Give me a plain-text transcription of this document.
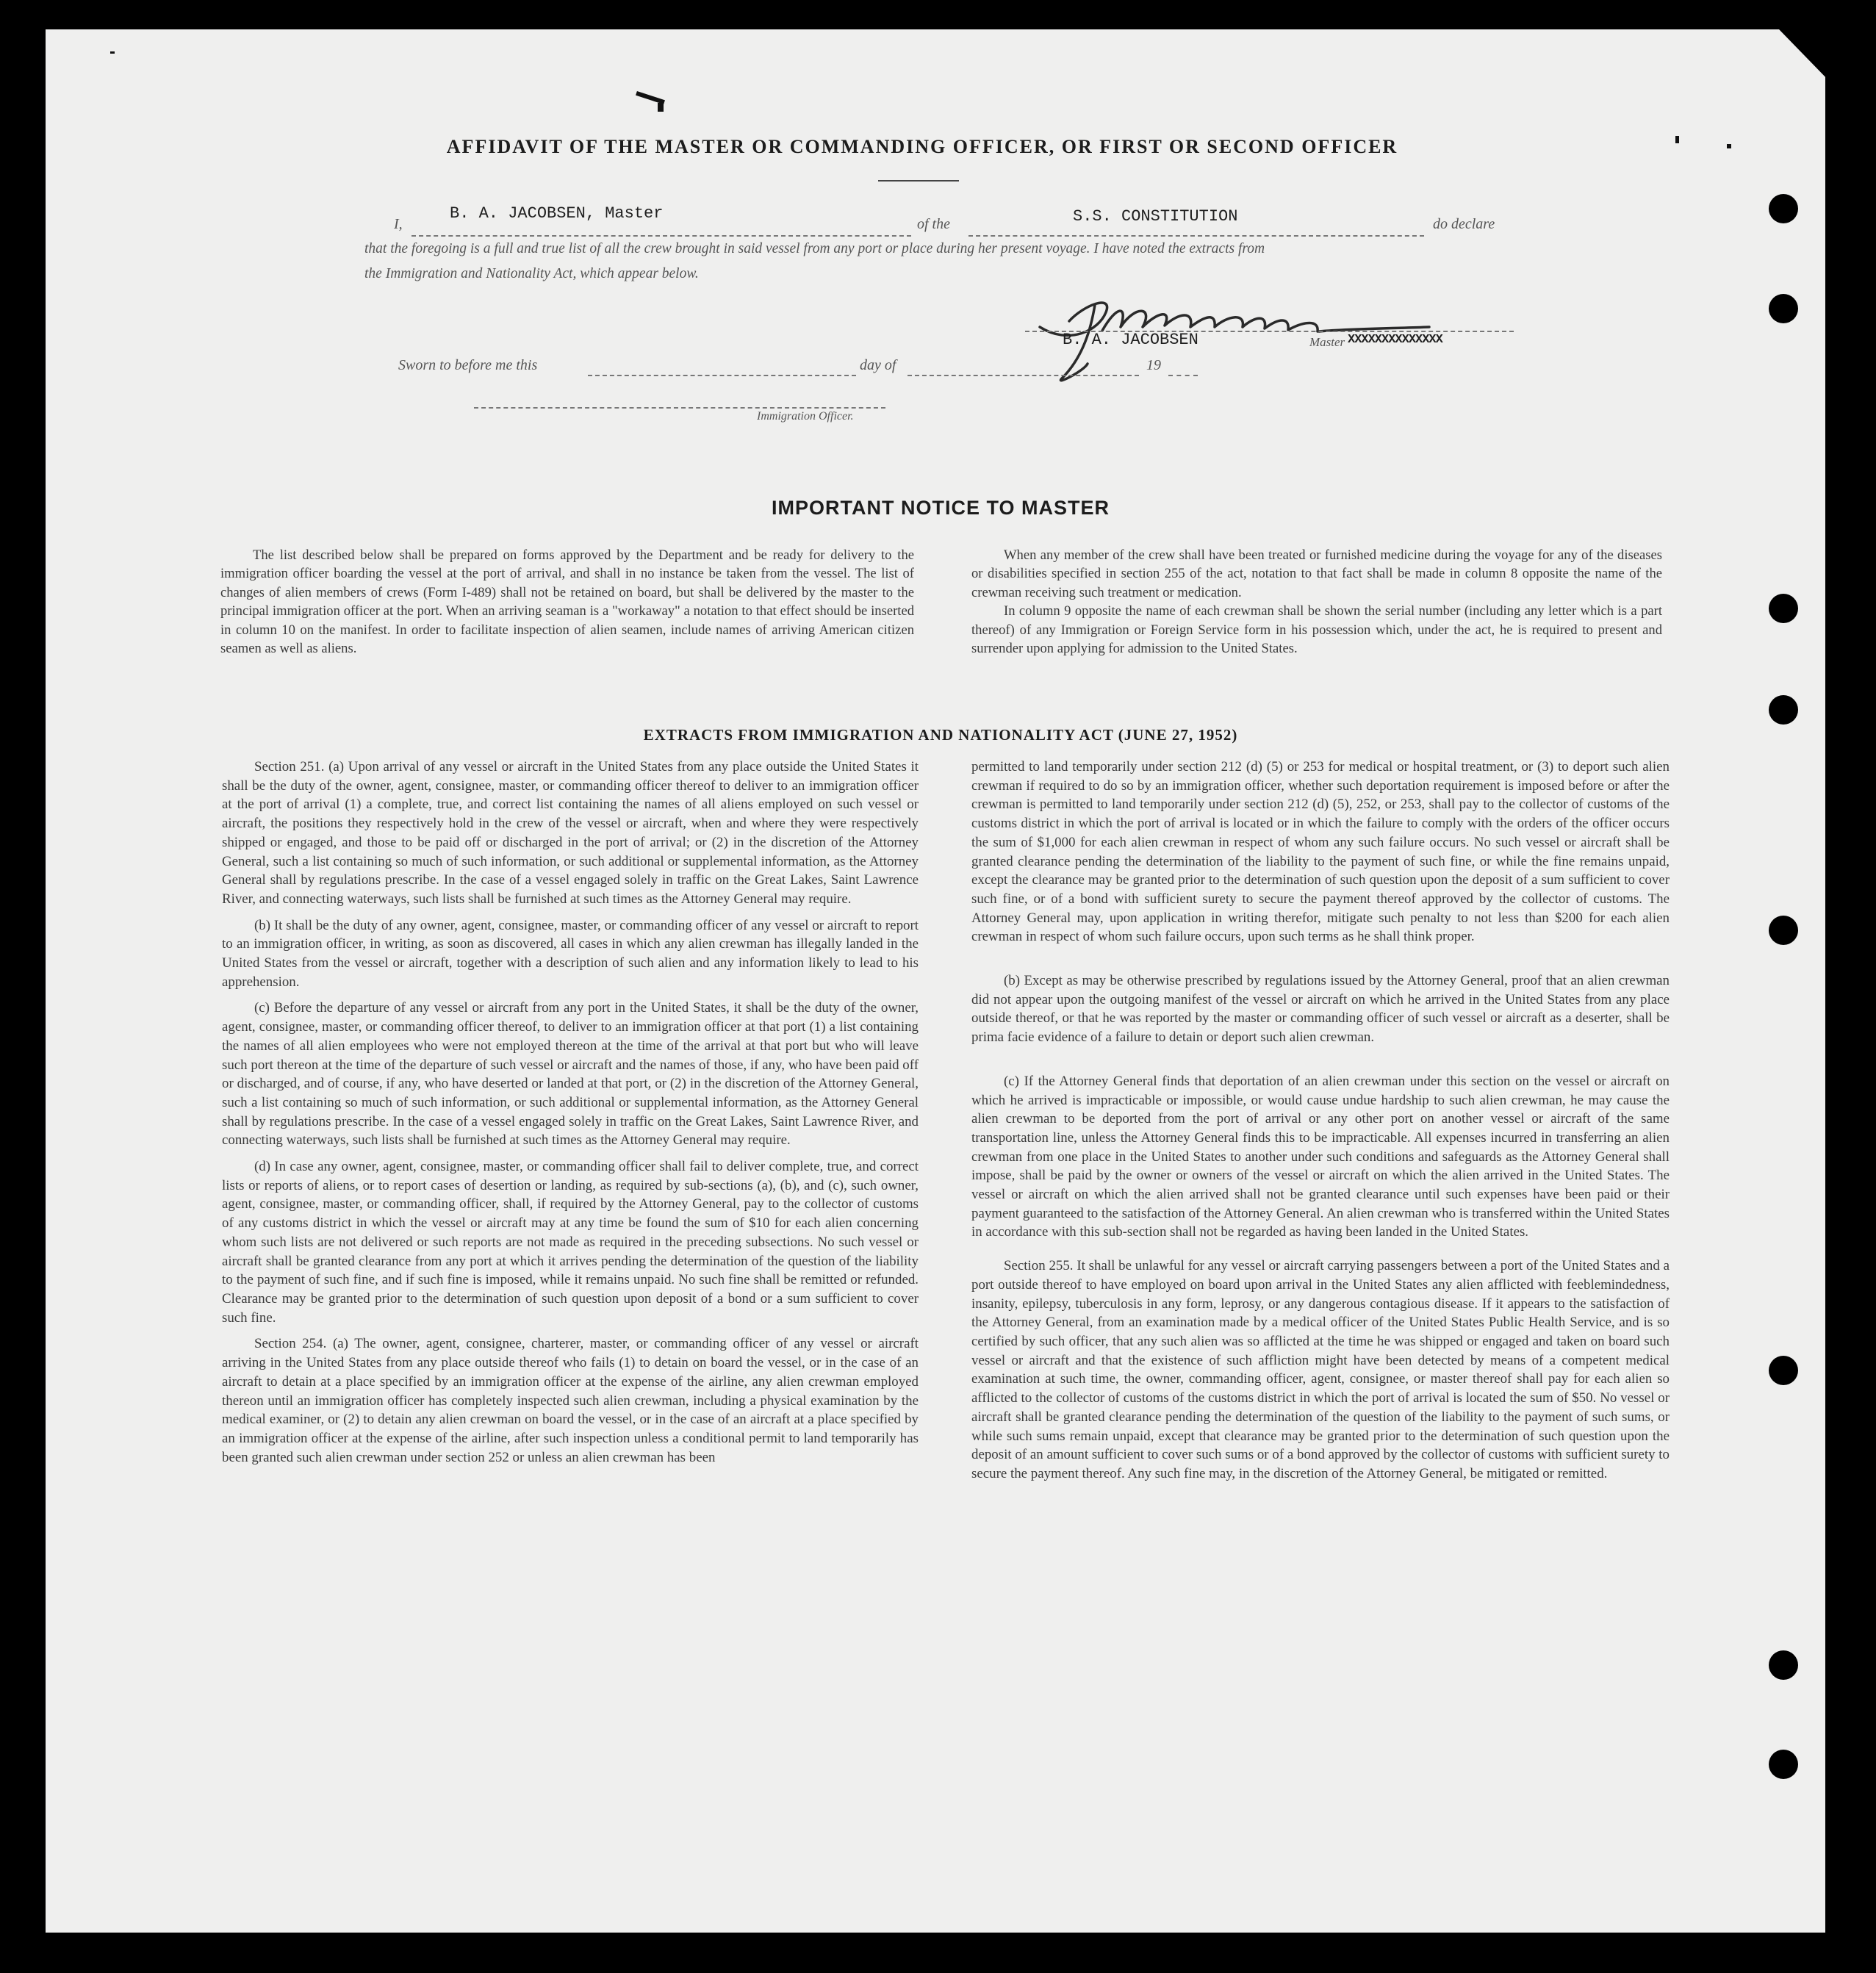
AFFIDAVIT OF THE MASTER OR COMMANDING OFFICER, OR FIRST OR SECOND OFFICER
I,
B. A. JACOBSEN, Master
of the	S.S. CONSTITUTION	do declare
that the foregoing is a full and true list of all the crew brought in said vessel from any port or place during her present voyage. I have noted the extracts from
the Immigration and Nationality Act, which appear below.
B. A. JACOBSEN	Master XXXXXXXXXXXXXX
Sworn to before me this	day of	19
Immigration Officer.
IMPORTANT NOTICE TO MASTER

The list described below shall be prepared on forms approved by the Department and be ready for delivery to the immigration officer boarding the vessel at the port of arrival, and shall in no instance be taken from the vessel. The list of changes of alien members of crews (Form I-489) shall not be retained on board, but shall be delivered by the master to the principal immigration officer at the port. When an arriving seaman is a "workaway" a notation to that effect should be inserted in column 10 on the manifest. In order to facilitate inspection of alien seamen, include names of arriving American citizen seamen as well as aliens.

When any member of the crew shall have been treated or furnished medicine during the voyage for any of the diseases or disabilities specified in section 255 of the act, notation to that fact shall be made in column 8 opposite the name of the crewman receiving such treatment or medication.

In column 9 opposite the name of each crewman shall be shown the serial number (including any letter which is a part thereof) of any Immigration or Foreign Service form in his possession which, under the act, he is required to present and surrender upon applying for admission to the United States.

EXTRACTS FROM IMMIGRATION AND NATIONALITY ACT (JUNE 27, 1952)

Section 251. (a) Upon arrival of any vessel or aircraft in the United States from any place outside the United States it shall be the duty of the owner, agent, consignee, master, or commanding officer thereof to deliver to an immigration officer at the port of arrival (1) a complete, true, and correct list containing the names of all aliens employed on such vessel or aircraft, the positions they respectively hold in the crew of the vessel or aircraft, when and where they were respectively shipped or engaged, and those to be paid off or discharged in the port of arrival; or (2) in the discretion of the Attorney General, such a list containing so much of such information, or such additional or supplemental information, as the Attorney General shall by regulations prescribe. In the case of a vessel engaged solely in traffic on the Great Lakes, Saint Lawrence River, and connecting waterways, such lists shall be furnished at such times as the Attorney General may require.

(b) It shall be the duty of any owner, agent, consignee, master, or commanding officer of any vessel or aircraft to report to an immigration officer, in writing, as soon as discovered, all cases in which any alien crewman has illegally landed in the United States from the vessel or aircraft, together with a description of such alien and any information likely to lead to his apprehension.

(c) Before the departure of any vessel or aircraft from any port in the United States, it shall be the duty of the owner, agent, consignee, master, or commanding officer thereof, to deliver to an immigration officer at that port (1) a list containing the names of all alien employees who were not employed thereon at the time of the arrival at that port but who will leave such port thereon at the time of the departure of such vessel or aircraft and the names of those, if any, who have been paid off or discharged, and of course, if any, who have deserted or landed at that port, or (2) in the discretion of the Attorney General, such a list containing so much of such information, or such additional or supplemental information, as the Attorney General shall by regulations prescribe. In the case of a vessel engaged solely in traffic on the Great Lakes, Saint Lawrence River, and connecting waterways, such lists shall be furnished at such times as the Attorney General may require.

(d) In case any owner, agent, consignee, master, or commanding officer shall fail to deliver complete, true, and correct lists or reports of aliens, or to report cases of desertion or landing, as required by sub-sections (a), (b), and (c), such owner, agent, consignee, master, or commanding officer, shall, if required by the Attorney General, pay to the collector of customs of any customs district in which the vessel or aircraft may at any time be found the sum of $10 for each alien concerning whom such lists are not delivered or such reports are not made as required in the preceding subsections. No such vessel or aircraft shall be granted clearance from any port at which it arrives pending the determination of the question of the liability to the payment of such fine, and if such fine is imposed, while it remains unpaid. No such fine shall be remitted or refunded. Clearance may be granted prior to the determination of such question upon deposit of a bond or a sum sufficient to cover such fine.

Section 254. (a) The owner, agent, consignee, charterer, master, or commanding officer of any vessel or aircraft arriving in the United States from any place outside thereof who fails (1) to detain on board the vessel, or in the case of an aircraft to detain at a place specified by an immigration officer at the expense of the airline, any alien crewman employed thereon until an immigration officer has completely inspected such alien crewman, including a physical examination by the medical examiner, or (2) to detain any alien crewman on board the vessel, or in the case of an aircraft at a place specified by an immigration officer at the expense of the airline, after such inspection unless a conditional permit to land temporarily has been granted such alien crewman under section 252 or unless an alien crewman has been

permitted to land temporarily under section 212 (d) (5) or 253 for medical or hospital treatment, or (3) to deport such alien crewman if required to do so by an immigration officer, whether such deportation requirement is imposed before or after the crewman is permitted to land temporarily under section 212 (d) (5), 252, or 253, shall pay to the collector of customs of the customs district in which the port of arrival is located or in which the failure to comply with the orders of the officer occurs the sum of $1,000 for each alien crewman in respect of whom any such failure occurs. No such vessel or aircraft shall be granted clearance pending the determination of the liability to the payment of such fine, or while the fine remains unpaid, except the clearance may be granted prior to the determination of such question upon the deposit of a sum sufficient to cover such fine, or of a bond with sufficient surety to secure the payment thereof approved by the collector of customs. The Attorney General may, upon application in writing therefor, mitigate such penalty to not less than $200 for each alien crewman in respect of whom such failure occurs, upon such terms as he shall think proper.

(b) Except as may be otherwise prescribed by regulations issued by the Attorney General, proof that an alien crewman did not appear upon the outgoing manifest of the vessel or aircraft on which he arrived in the United States from any place outside thereof, or that he was reported by the master or commanding officer of such vessel or aircraft as a deserter, shall be prima facie evidence of a failure to detain or deport such alien crewman.

(c) If the Attorney General finds that deportation of an alien crewman under this section on the vessel or aircraft on which he arrived is impracticable or impossible, or would cause undue hardship to such alien crewman, he may cause the alien crewman to be deported from the port of arrival or any other port on another vessel or aircraft of the same transportation line, unless the Attorney General finds this to be impracticable. All expenses incurred in transferring an alien crewman from one place in the United States to another under such conditions and safeguards as the Attorney General shall impose, shall be paid by the owner or owners of the vessel or aircraft on which the alien arrived in the United States. The vessel or aircraft on which the alien arrived shall not be granted clearance until such expenses have been paid or their payment guaranteed to the satisfaction of the Attorney General. An alien crewman who is transferred within the United States in accordance with this sub-section shall not be regarded as having been landed in the United States.

Section 255. It shall be unlawful for any vessel or aircraft carrying passengers between a port of the United States and a port outside thereof to have employed on board upon arrival in the United States any alien afflicted with feeblemindedness, insanity, epilepsy, tuberculosis in any form, leprosy, or any dangerous contagious disease. If it appears to the satisfaction of the Attorney General, from an examination made by a medical officer of the United States Public Health Service, and is so certified by such officer, that any such alien was so afflicted at the time he was shipped or engaged and taken on board such vessel or aircraft and that the existence of such affliction might have been detected by means of a competent medical examination at such time, the owner, commanding officer, agent, consignee, or master thereof shall pay for each alien so afflicted to the collector of customs of the customs district in which the port of arrival is located the sum of $50. No vessel or aircraft shall be granted clearance pending the determination of the question of the liability to the payment of such sums, or while such sums remain unpaid, except that clearance may be granted prior to the determination of such question upon the deposit of an amount sufficient to cover such sums or of a bond approved by the collector of customs with sufficient surety to secure the payment thereof. Any such fine may, in the discretion of the Attorney General, be mitigated or remitted.
